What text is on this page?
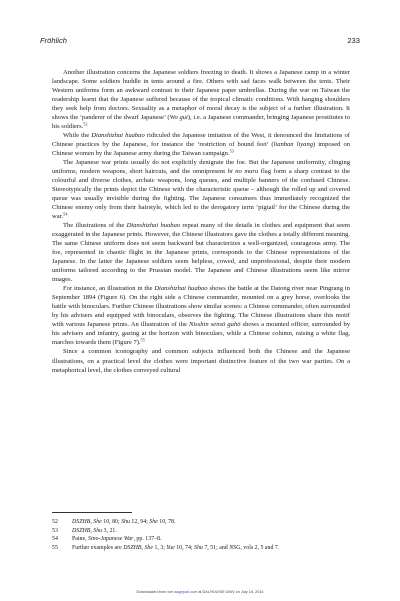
Fröhlich	233

Another illustration concerns the Japanese soldiers freezing to death. It shows a Japanese camp in a winter landscape. Some soldiers huddle in tents around a fire. Others with sad faces walk between the tents. Their Western uniforms form an awkward contrast to their Japanese paper umbrellas. During the war on Taiwan the readership learnt that the Japanese suffered because of the tropical climatic conditions. With hanging shoulders they seek help from doctors. Sexuality as a metaphor of moral decay is the subject of a further illustration. It shows the ‘panderer of the dwarf Japanese’ (Wo gui), i.e. a Japanese commander, bringing Japanese prostitutes to his soldiers.$^{52}$

While the Dianshizhai huabao ridiculed the Japanese imitation of the West, it denounced the limitations of Chinese practices by the Japanese, for instance the ‘restriction of bound feet’ (lianban liyang) imposed on Chinese women by the Japanese army during the Taiwan campaign.$^{53}$

The Japanese war prints usually do not explicitly denigrate the foe. But the Japanese uniformity, clinging uniforms, modern weapons, short haircuts, and the omnipresent hi no maru flag form a sharp contrast to the colourful and diverse clothes, archaic weapons, long queues, and multiple banners of the confused Chinese. Stereotypically the prints depict the Chinese with the characteristic queue – although the rolled up and covered queue was usually invisible during the fighting. The Japanese consumers thus immediately recognized the Chinese enemy only from their hairstyle, which led to the derogatory term ‘pigtail’ for the Chinese during the war.$^{54}$

The illustrations of the Dianshizhai huabao repeat many of the details in clothes and equipment that seem exaggerated in the Japanese prints. However, the Chinese illustrators gave the clothes a totally different meaning. The same Chinese uniform does not seem backward but characterizes a well-organized, courageous army. The foe, represented in chaotic flight in the Japanese prints, corresponds to the Chinese representations of the Japanese. In the latter the Japanese soldiers seem helpless, cowed, and unprofessional, despite their modern uniforms tailored according to the Prussian model. The Japanese and Chinese illustrations seem like mirror images.

For instance, an illustration in the Dianshizhai huabao shows the battle at the Datong river near Pingrang in September 1894 (Figure 6). On the right side a Chinese commander, mounted on a grey horse, overlooks the battle with binoculars. Further Chinese illustrations show similar scenes: a Chinese commander, often surrounded by his advisers and equipped with binoculars, observes the fighting. The Chinese illustrations share this motif with various Japanese prints. An illustration of the Nisshin sensō gahō shows a mounted officer, surrounded by his advisers and infantry, gazing at the horizon with binoculars, while a Chinese column, raising a white flag, marches towards them (Figure 7).$^{55}$

Since a common iconography and common subjects influenced both the Chinese and the Japanese illustrations, on a practical level the clothes were important distinctive feature of the two war parties. On a metaphorical level, the clothes conveyed cultural

52	DSZHB, She 10, 80; Shu 12, 94; She 10, 78.
53	DSZHB, Shu 3, 21.
54	Paine, Sino-Japanese War, pp. 137–8.
55	Further examples are DSZHB, She 1, 3; Yue 10, 74; Shu 7, 51; and NSG, vols 2, 5 and 7.
Downloaded from wrh.sagepub.com at DALHOUSIE UNIV on July 16, 2014
